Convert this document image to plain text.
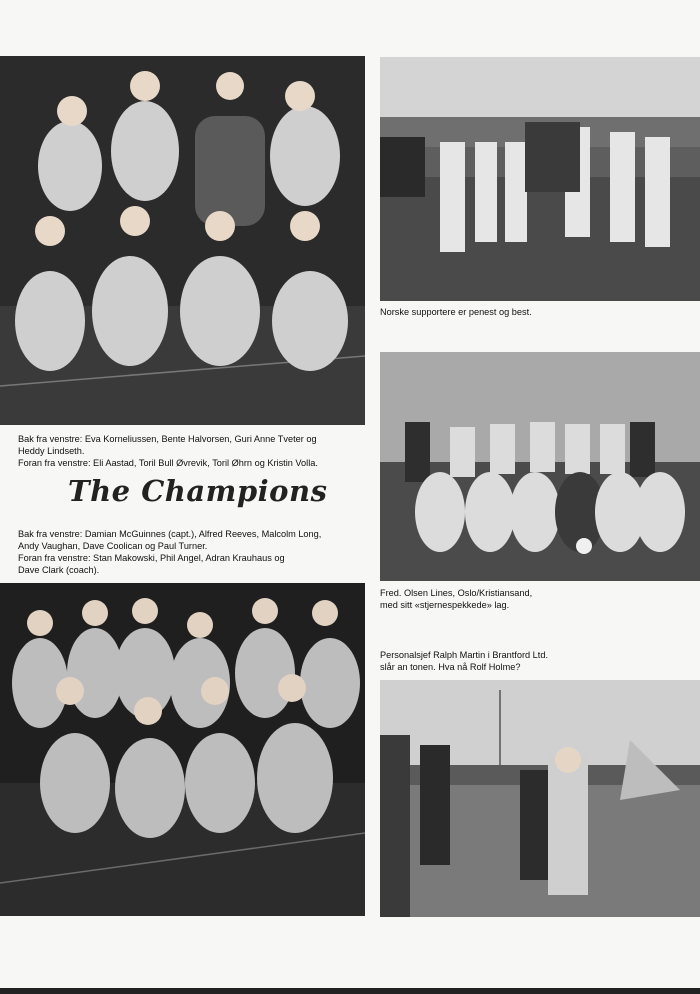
Bak fra venstre: Eva Korneliussen, Bente Halvorsen, Guri Anne Tveter og
Heddy Lindseth.
Foran fra venstre: Eli Aastad, Toril Bull Øvrevik, Toril Øhrn og Kristin Volla.
The Champions
Bak fra venstre: Damian McGuinnes (capt.), Alfred Reeves, Malcolm Long,
Andy Vaughan, Dave Coolican og Paul Turner.
Foran fra venstre: Stan Makowski, Phil Angel, Adran Krauhaus og
Dave Clark (coach).
Norske supportere er penest og best.
Fred. Olsen Lines, Oslo/Kristiansand,
med sitt «stjernespekkede» lag.
Personalsjef Ralph Martin i Brantford Ltd.
slår an tonen. Hva nå Rolf Holme?
